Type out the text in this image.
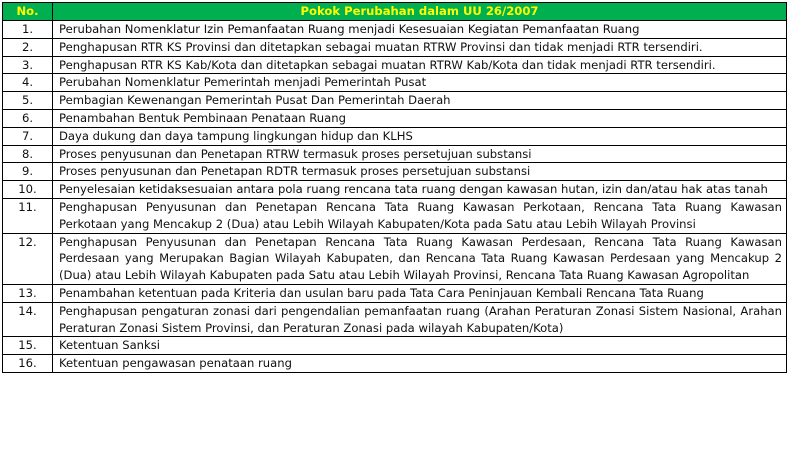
No.	Pokok Perubahan dalam UU 26/2007
1.	Perubahan Nomenklatur Izin Pemanfaatan Ruang menjadi Kesesuaian Kegiatan Pemanfaatan Ruang
2.	Penghapusan RTR KS Provinsi dan ditetapkan sebagai muatan RTRW Provinsi dan tidak menjadi RTR tersendiri.
3.	Penghapusan RTR KS Kab/Kota dan ditetapkan sebagai muatan RTRW Kab/Kota dan tidak menjadi RTR tersendiri.
4.	Perubahan Nomenklatur Pemerintah menjadi Pemerintah Pusat
5.	Pembagian Kewenangan Pemerintah Pusat Dan Pemerintah Daerah
6.	Penambahan Bentuk Pembinaan Penataan Ruang
7.	Daya dukung dan daya tampung lingkungan hidup dan KLHS
8.	Proses penyusunan dan Penetapan RTRW termasuk proses persetujuan substansi
9.	Proses penyusunan dan Penetapan RDTR termasuk proses persetujuan substansi
10.	Penyelesaian ketidaksesuaian antara pola ruang rencana tata ruang dengan kawasan hutan, izin dan/atau hak atas tanah
11.	Penghapusan Penyusunan dan Penetapan Rencana Tata Ruang Kawasan Perkotaan, Rencana Tata Ruang Kawasan Perkotaan yang Mencakup 2 (Dua) atau Lebih Wilayah Kabupaten/Kota pada Satu atau Lebih Wilayah Provinsi
12.	Penghapusan Penyusunan dan Penetapan Rencana Tata Ruang Kawasan Perdesaan, Rencana Tata Ruang Kawasan Perdesaan yang Merupakan Bagian Wilayah Kabupaten, dan Rencana Tata Ruang Kawasan Perdesaan yang Mencakup 2 (Dua) atau Lebih Wilayah Kabupaten pada Satu atau Lebih Wilayah Provinsi, Rencana Tata Ruang Kawasan Agropolitan
13.	Penambahan ketentuan pada Kriteria dan usulan baru pada Tata Cara Peninjauan Kembali Rencana Tata Ruang
14.	Penghapusan pengaturan zonasi dari pengendalian pemanfaatan ruang (Arahan Peraturan Zonasi Sistem Nasional, Arahan Peraturan Zonasi Sistem Provinsi, dan Peraturan Zonasi pada wilayah Kabupaten/Kota)
15.	Ketentuan Sanksi
16.	Ketentuan pengawasan penataan ruang
